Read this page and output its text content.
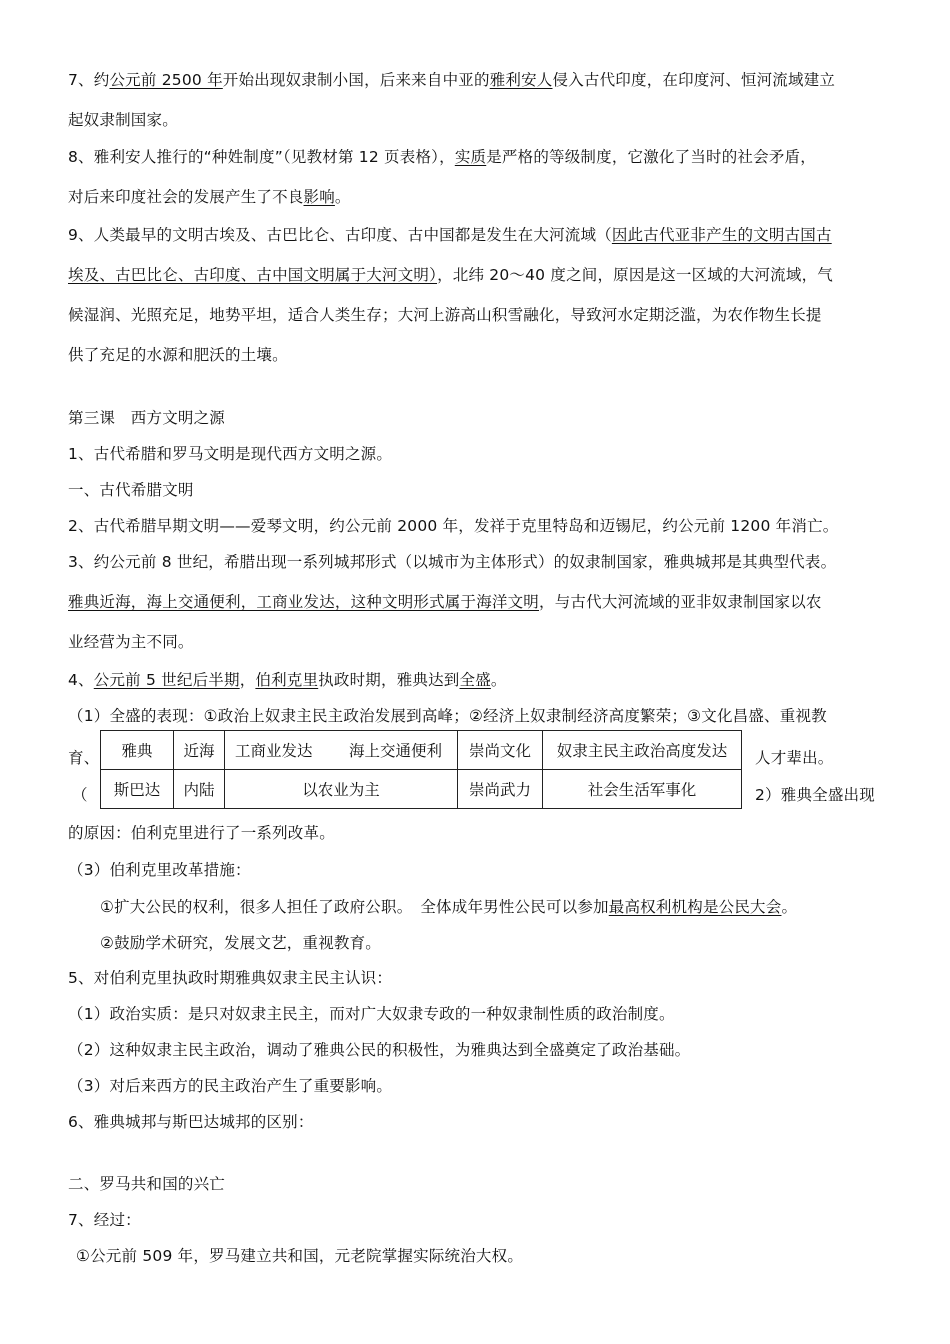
7、约公元前 2500 年开始出现奴隶制小国，后来来自中亚的雅利安人侵入古代印度，在印度河、恒河流域建立
起奴隶制国家。
8、雅利安人推行的“种姓制度”（见教材第 12 页表格），实质是严格的等级制度，它激化了当时的社会矛盾，
对后来印度社会的发展产生了不良影响。
9、人类最早的文明古埃及、古巴比仑、古印度、古中国都是发生在大河流域（因此古代亚非产生的文明古国古
埃及、古巴比仑、古印度、古中国文明属于大河文明），北纬 20～40 度之间，原因是这一区域的大河流域，气
候湿润、光照充足，地势平坦，适合人类生存；大河上游高山积雪融化，导致河水定期泛滥，为农作物生长提
供了充足的水源和肥沃的土壤。
第三课　西方文明之源
1、古代希腊和罗马文明是现代西方文明之源。
一、古代希腊文明
2、古代希腊早期文明——爱琴文明，约公元前 2000 年，发祥于克里特岛和迈锡尼，约公元前 1200 年消亡。
3、约公元前 8 世纪，希腊出现一系列城邦形式（以城市为主体形式）的奴隶制国家，雅典城邦是其典型代表。
雅典近海，海上交通便利，工商业发达，这种文明形式属于海洋文明，与古代大河流域的亚非奴隶制国家以农
业经营为主不同。
4、公元前 5 世纪后半期，伯利克里执政时期，雅典达到全盛。
（1）全盛的表现：①政治上奴隶主民主政治发展到高峰；②经济上奴隶制经济高度繁荣；③文化昌盛、重视教
育、	人才辈出。
（	2）雅典全盛出现
雅典	近海	工商业发达	海上交通便利	崇尚文化	奴隶主民主政治高度发达
斯巴达	内陆	以农业为主		崇尚武力	社会生活军事化
的原因：伯利克里进行了一系列改革。
（3）伯利克里改革措施：
①扩大公民的权利，很多人担任了政府公职。　全体成年男性公民可以参加最高权利机构是公民大会。
②鼓励学术研究，发展文艺，重视教育。
5、对伯利克里执政时期雅典奴隶主民主认识：
（1）政治实质：是只对奴隶主民主，而对广大奴隶专政的一种奴隶制性质的政治制度。
（2）这种奴隶主民主政治，调动了雅典公民的积极性，为雅典达到全盛奠定了政治基础。
（3）对后来西方的民主政治产生了重要影响。
6、雅典城邦与斯巴达城邦的区别：
二、罗马共和国的兴亡
7、经过：
①公元前 509 年，罗马建立共和国，元老院掌握实际统治大权。
